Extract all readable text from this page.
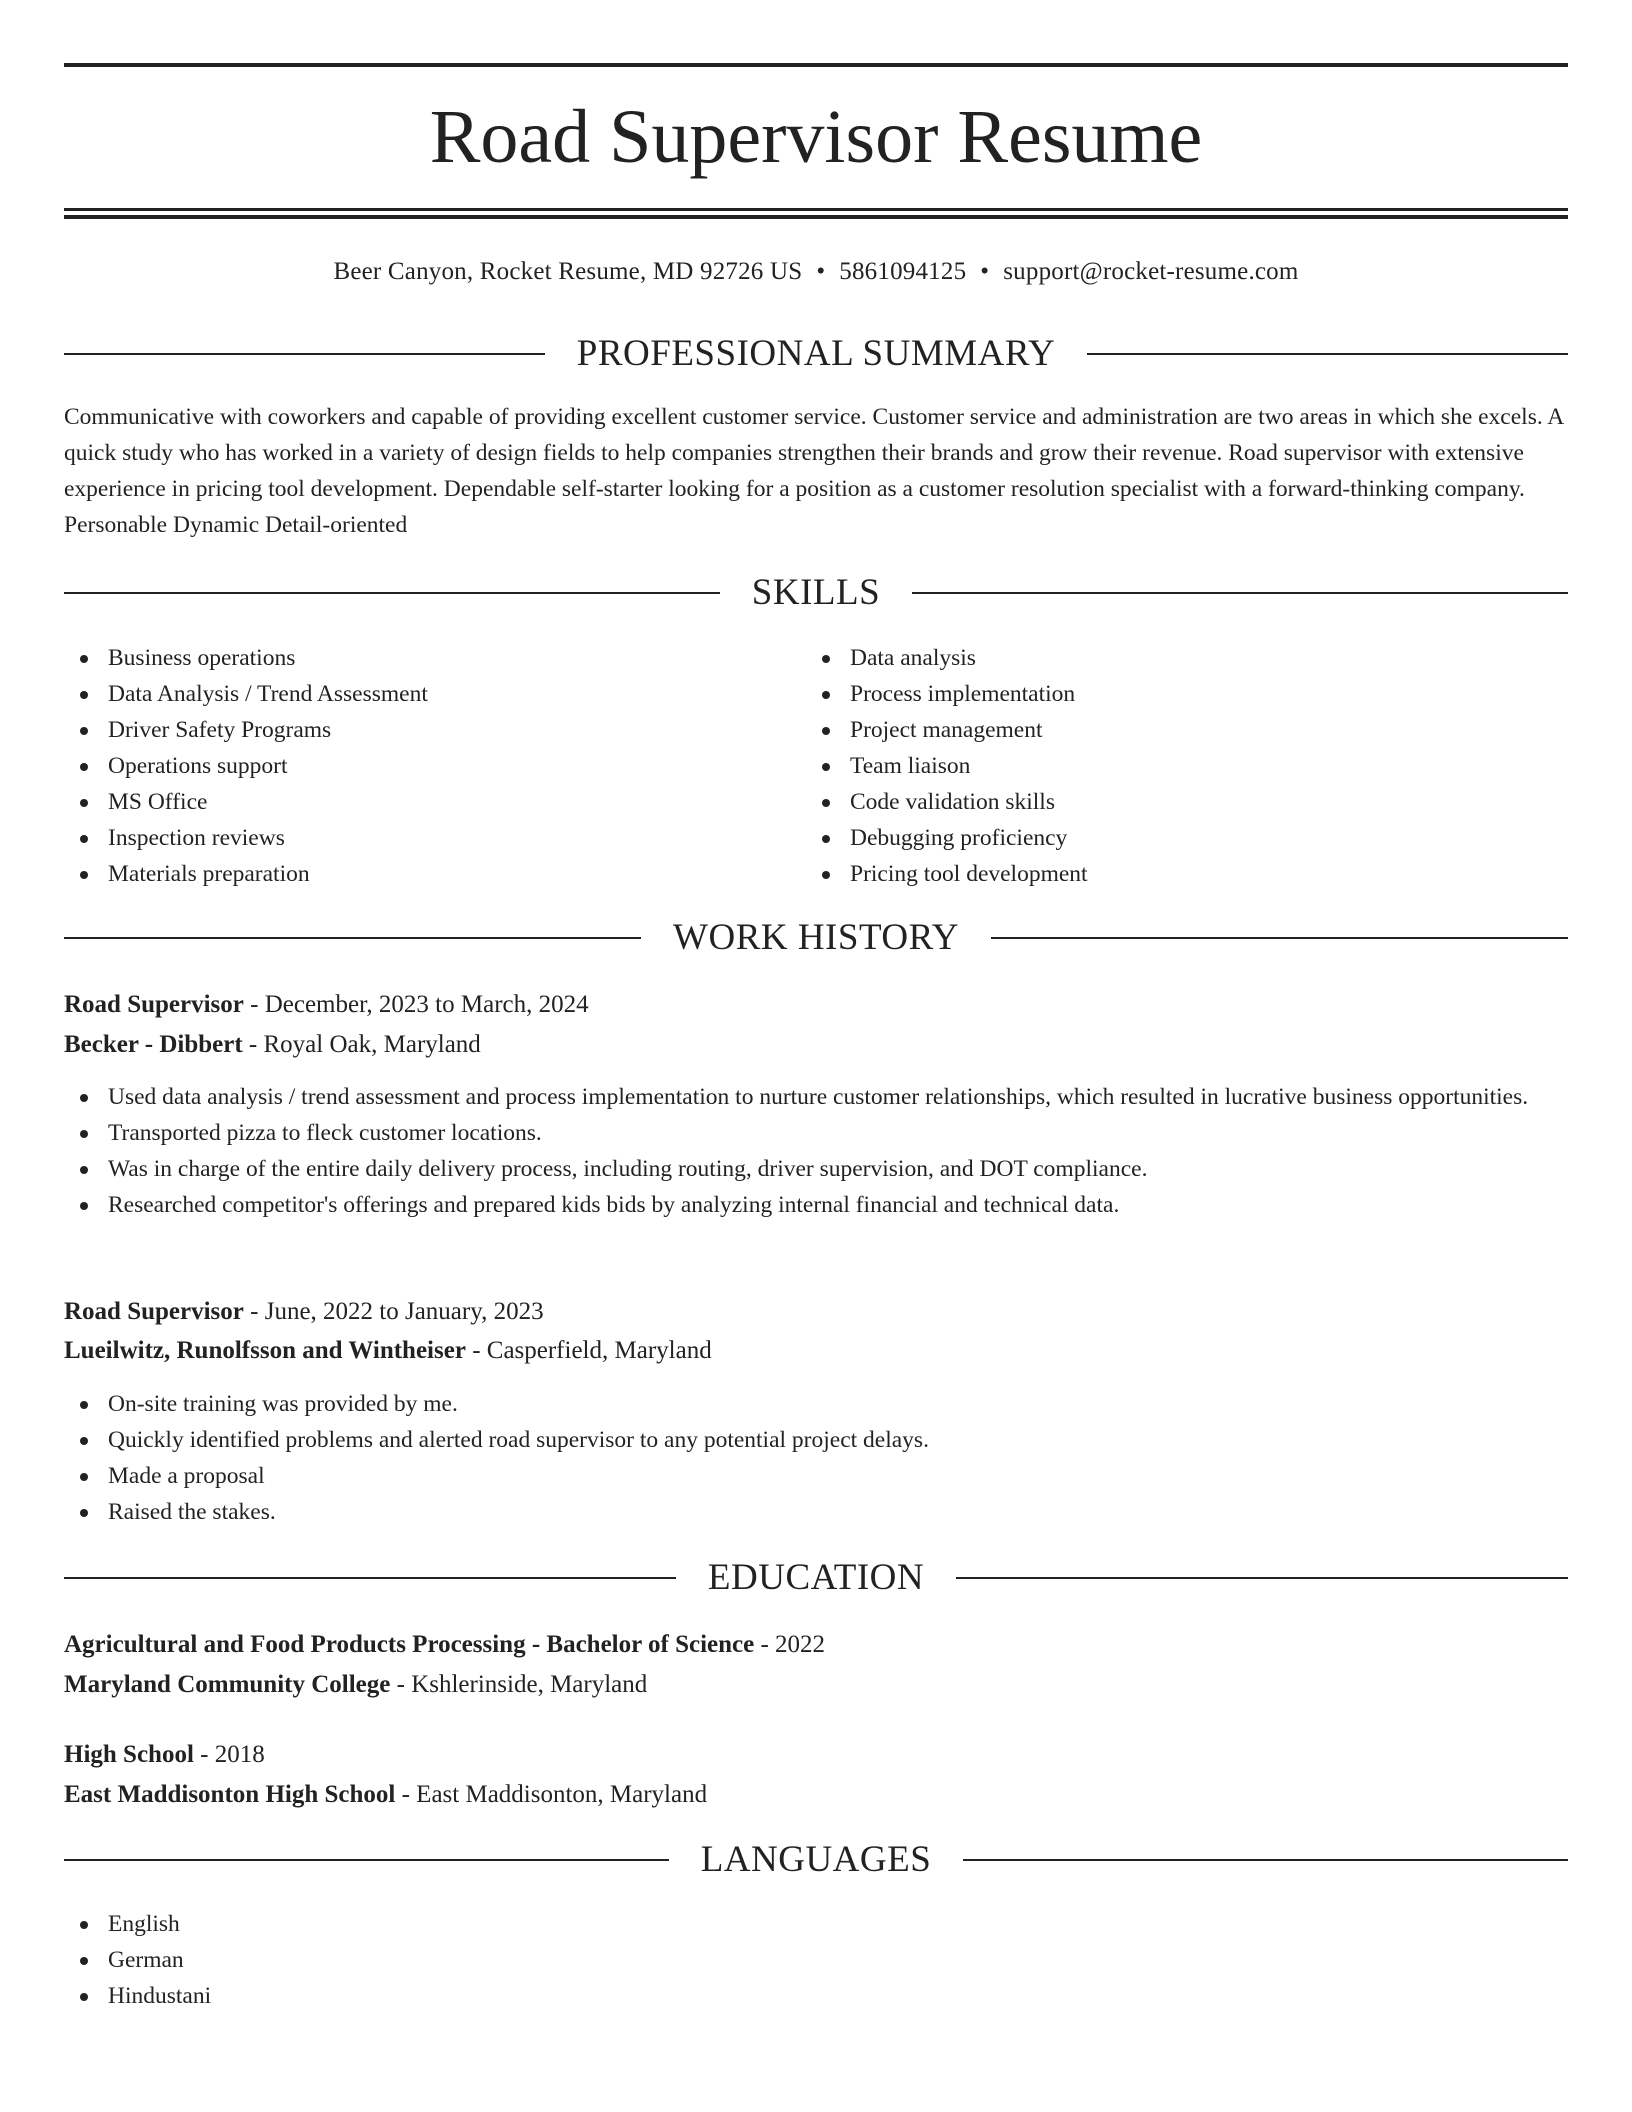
Road Supervisor Resume
Beer Canyon, Rocket Resume, MD 92726 US • 5861094125 • support@rocket-resume.com
PROFESSIONAL SUMMARY

Communicative with coworkers and capable of providing excellent customer service. Customer service and administration are two areas in which she excels. A quick study who has worked in a variety of design fields to help companies strengthen their brands and grow their revenue. Road supervisor with extensive experience in pricing tool development. Dependable self-starter looking for a position as a customer resolution specialist with a forward-thinking company. Personable Dynamic Detail-oriented

SKILLS
Business operations
Data Analysis / Trend Assessment
Driver Safety Programs
Operations support
MS Office
Inspection reviews
Materials preparation
Data analysis
Process implementation
Project management
Team liaison
Code validation skills
Debugging proficiency
Pricing tool development
WORK HISTORY
Road Supervisor - December, 2023 to March, 2024
Becker - Dibbert - Royal Oak, Maryland
Used data analysis / trend assessment and process implementation to nurture customer relationships, which resulted in lucrative business opportunities.
Transported pizza to fleck customer locations.
Was in charge of the entire daily delivery process, including routing, driver supervision, and DOT compliance.
Researched competitor's offerings and prepared kids bids by analyzing internal financial and technical data.
Road Supervisor - June, 2022 to January, 2023
Lueilwitz, Runolfsson and Wintheiser - Casperfield, Maryland
On-site training was provided by me.
Quickly identified problems and alerted road supervisor to any potential project delays.
Made a proposal
Raised the stakes.
EDUCATION
Agricultural and Food Products Processing - Bachelor of Science - 2022
Maryland Community College - Kshlerinside, Maryland
High School - 2018
East Maddisonton High School - East Maddisonton, Maryland
LANGUAGES
English
German
Hindustani
